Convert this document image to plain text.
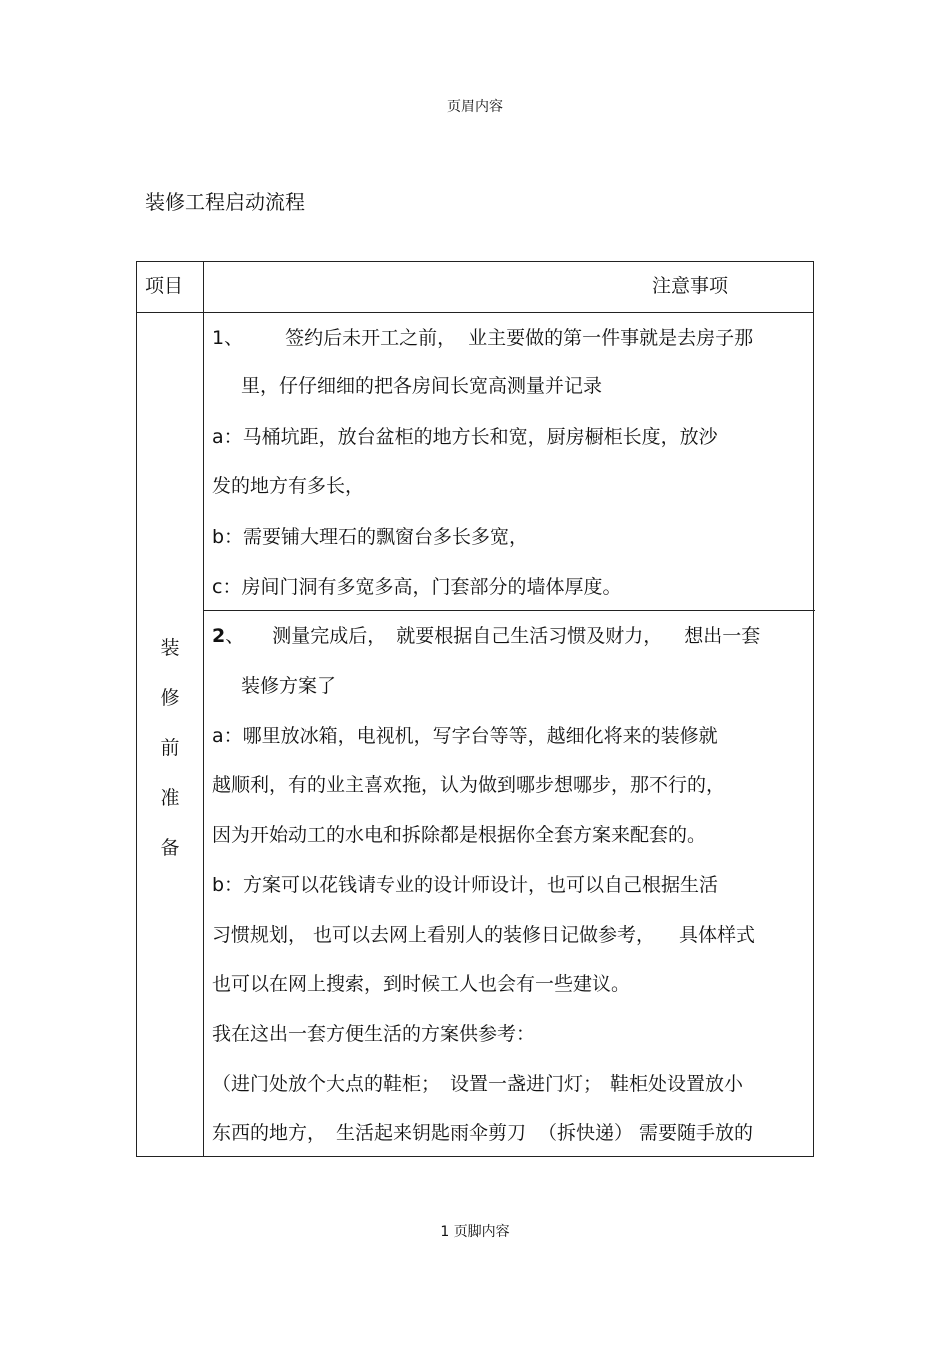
页眉内容
装修工程启动流程
项目	注意事项
装
修
前
准
备
1、 签约后未开工之前， 业主要做的第一件事就是去房子那
里，仔仔细细的把各房间长宽高测量并记录
a：马桶坑距，放台盆柜的地方长和宽，厨房橱柜长度，放沙
发的地方有多长，
b：需要铺大理石的飘窗台多长多宽，
c：房间门洞有多宽多高，门套部分的墙体厚度。
2、 测量完成后， 就要根据自己生活习惯及财力， 想出一套
装修方案了
a：哪里放冰箱，电视机，写字台等等，越细化将来的装修就
越顺利，有的业主喜欢拖，认为做到哪步想哪步，那不行的，
因为开始动工的水电和拆除都是根据你全套方案来配套的。
b：方案可以花钱请专业的设计师设计，也可以自己根据生活
习惯规划， 也可以去网上看别人的装修日记做参考， 具体样式
也可以在网上搜索，到时候工人也会有一些建议。
我在这出一套方便生活的方案供参考：
（进门处放个大点的鞋柜； 设置一盏进门灯； 鞋柜处设置放小
东西的地方， 生活起来钥匙雨伞剪刀 （拆快递） 需要随手放的
1 页脚内容
